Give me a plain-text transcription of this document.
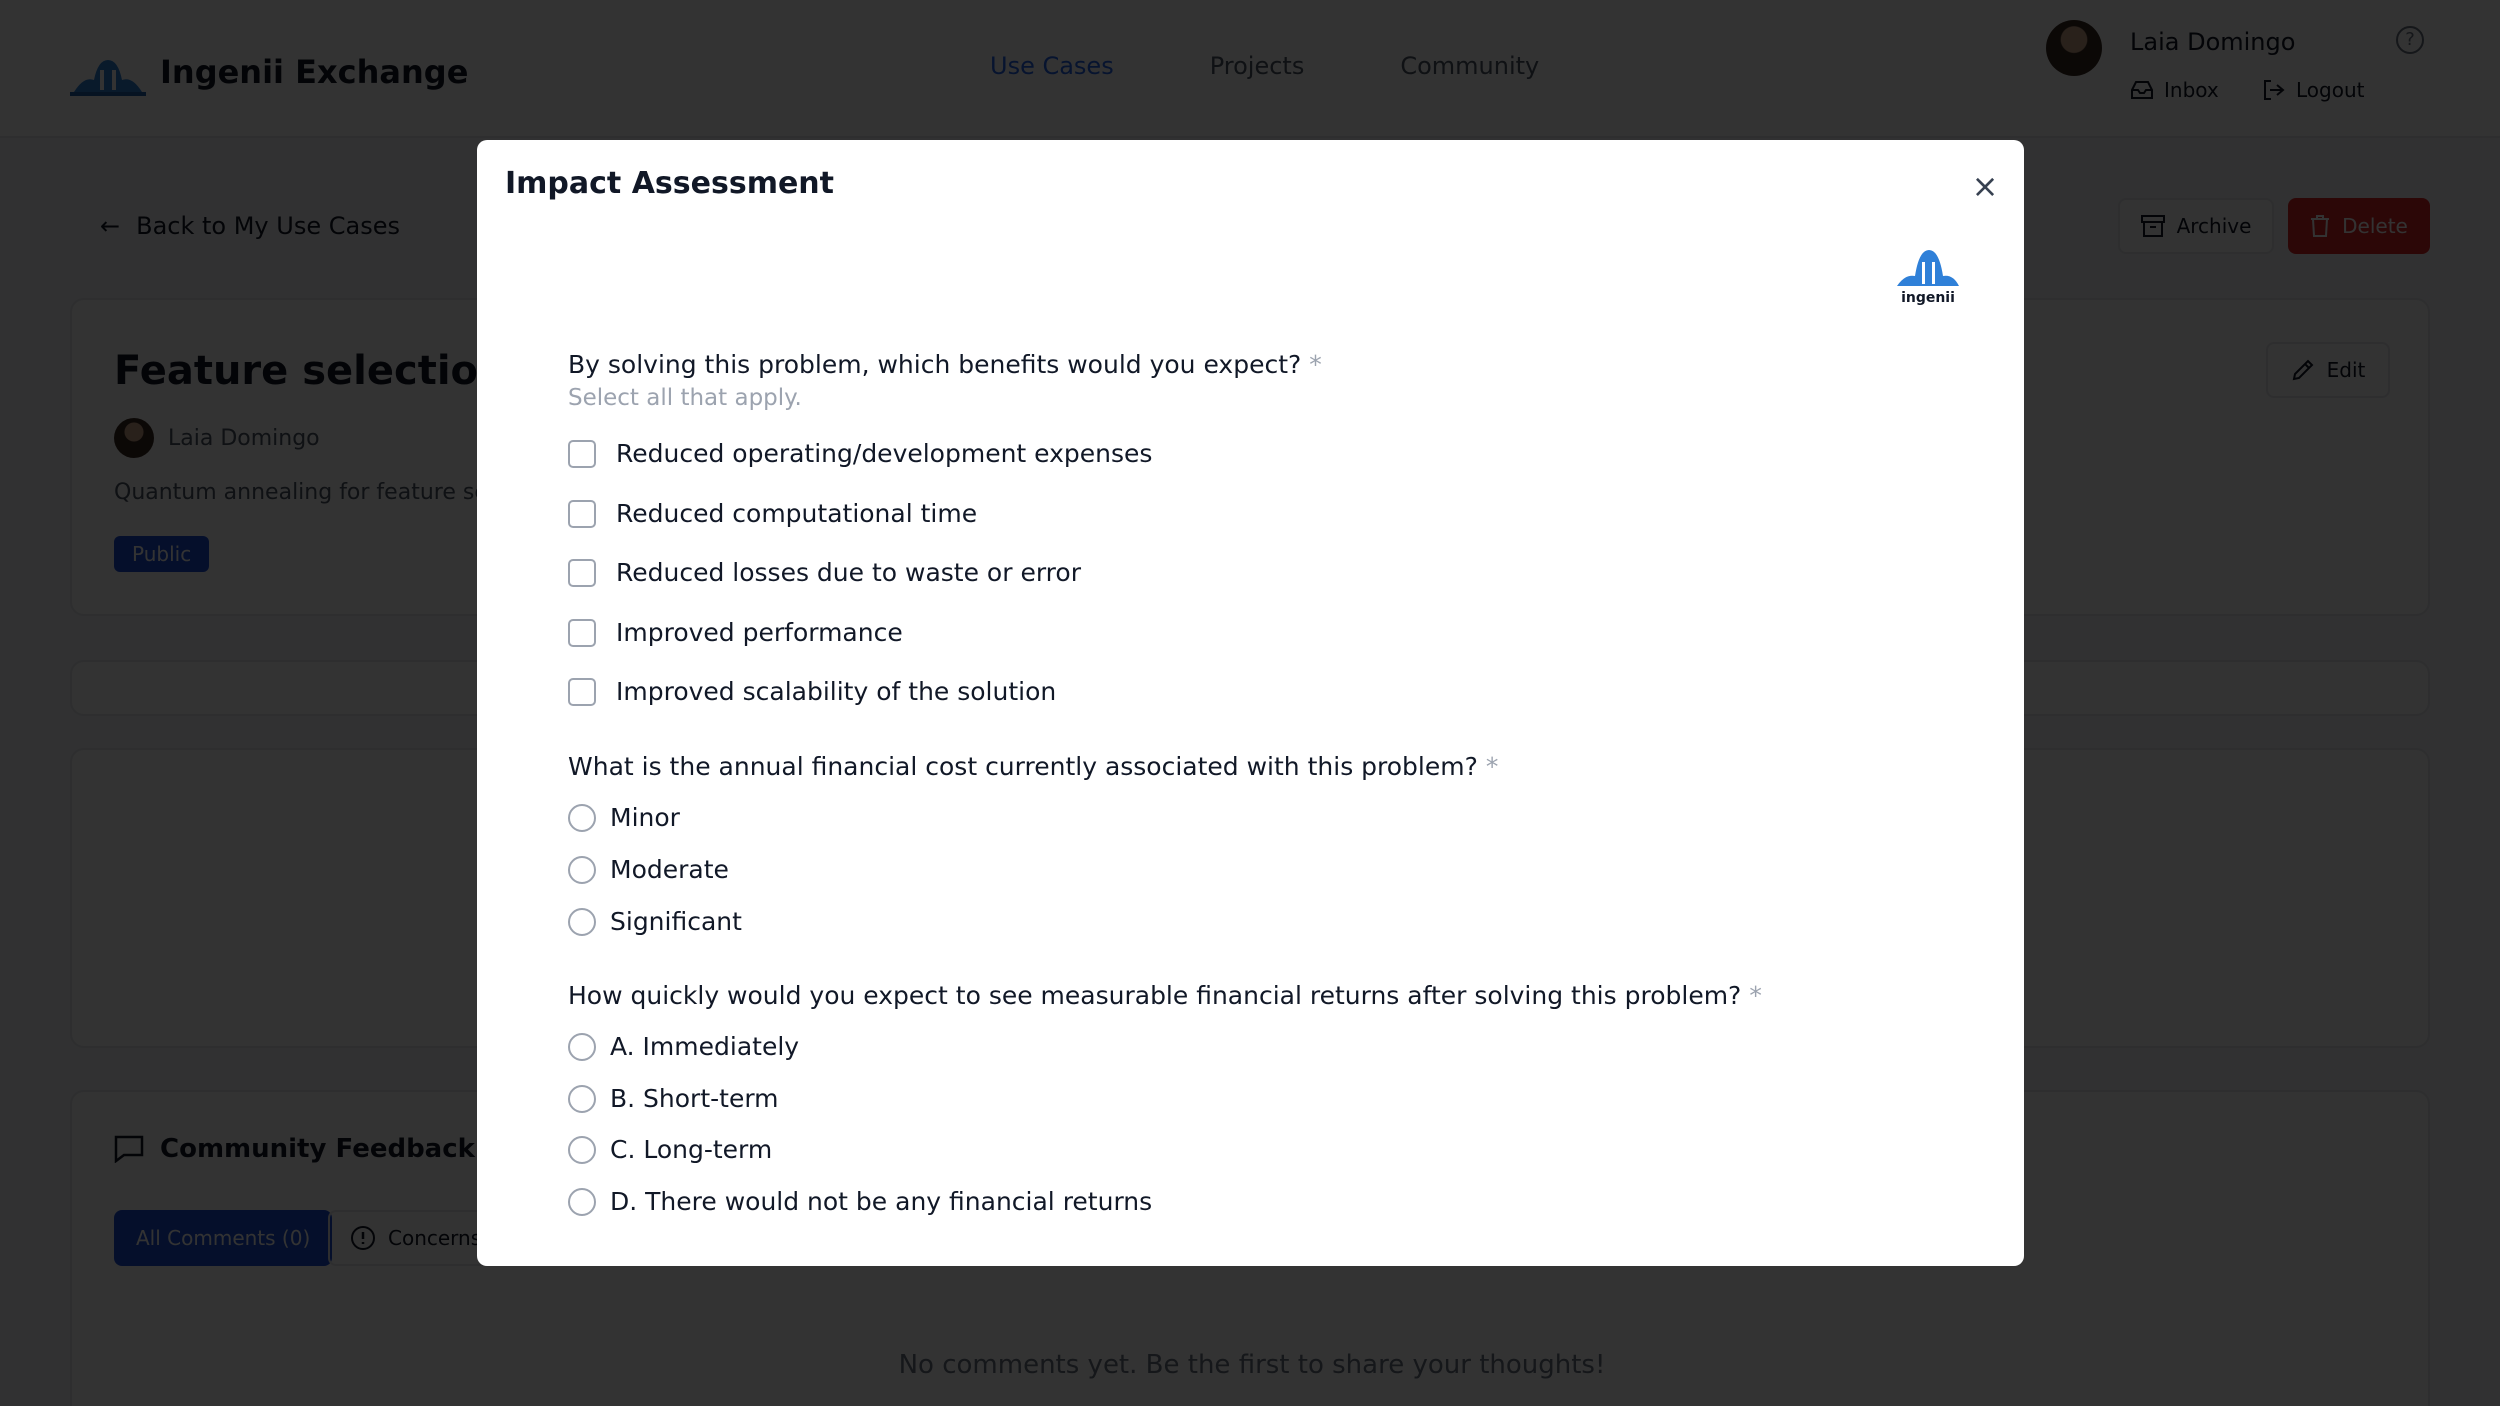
Impact Assessment	×
ingenii
By solving this problem, which benefits would you expect? *
Select all that apply.
Reduced operating/development expenses
Reduced computational time
Reduced losses due to waste or error
Improved performance
Improved scalability of the solution
What is the annual financial cost currently associated with this problem? *
Minor
Moderate
Significant
How quickly would you expect to see measurable financial returns after solving this problem? *
A. Immediately
B. Short-term
C. Long-term
D. There would not be any financial returns
